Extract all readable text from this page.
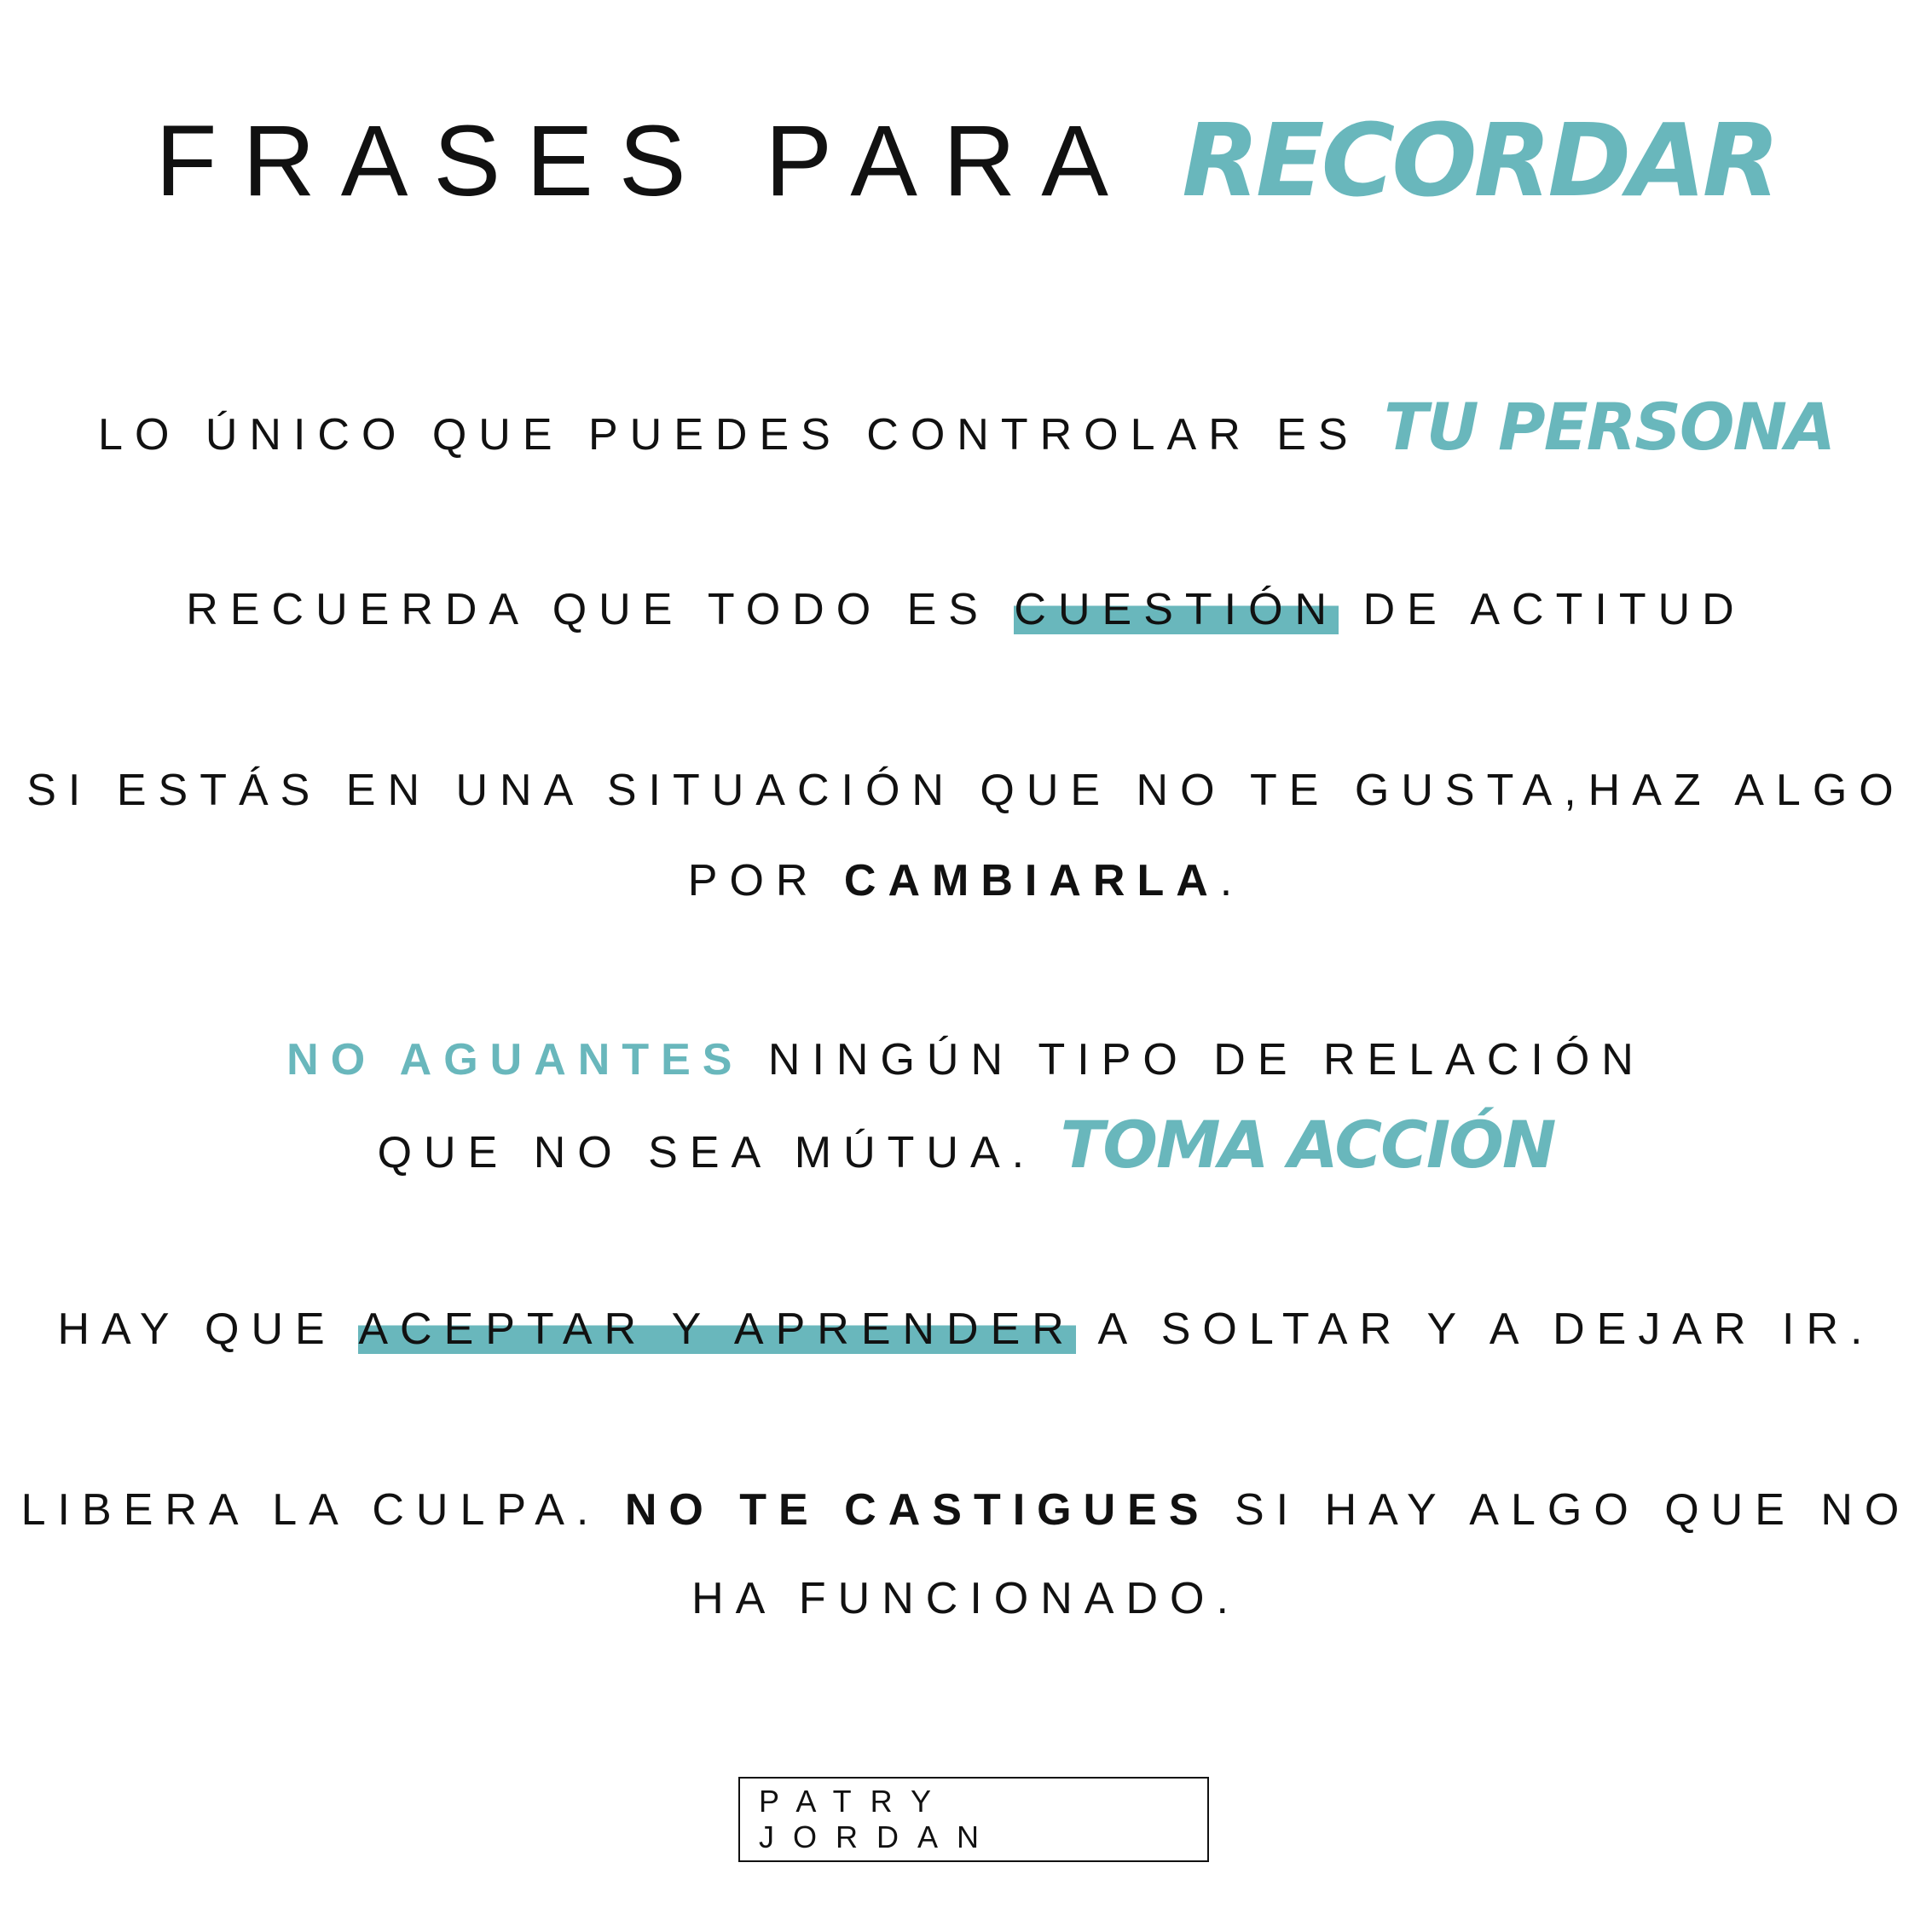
FRASES PARA RECORDAR
LO ÚNICO QUE PUEDES CONTROLAR ES TU PERSONA
RECUERDA QUE TODO ES CUESTIÓN DE ACTITUD
SI ESTÁS EN UNA SITUACIÓN QUE NO TE GUSTA,HAZ ALGO
POR CAMBIARLA.
NO AGUANTES NINGÚN TIPO DE RELACIÓN
QUE NO SEA MÚTUA. TOMA ACCIÓN
HAY QUE ACEPTAR Y APRENDER A SOLTAR Y A DEJAR IR.
LIBERA LA CULPA. NO TE CASTIGUES SI HAY ALGO QUE NO
HA FUNCIONADO.
PATRY JORDAN
